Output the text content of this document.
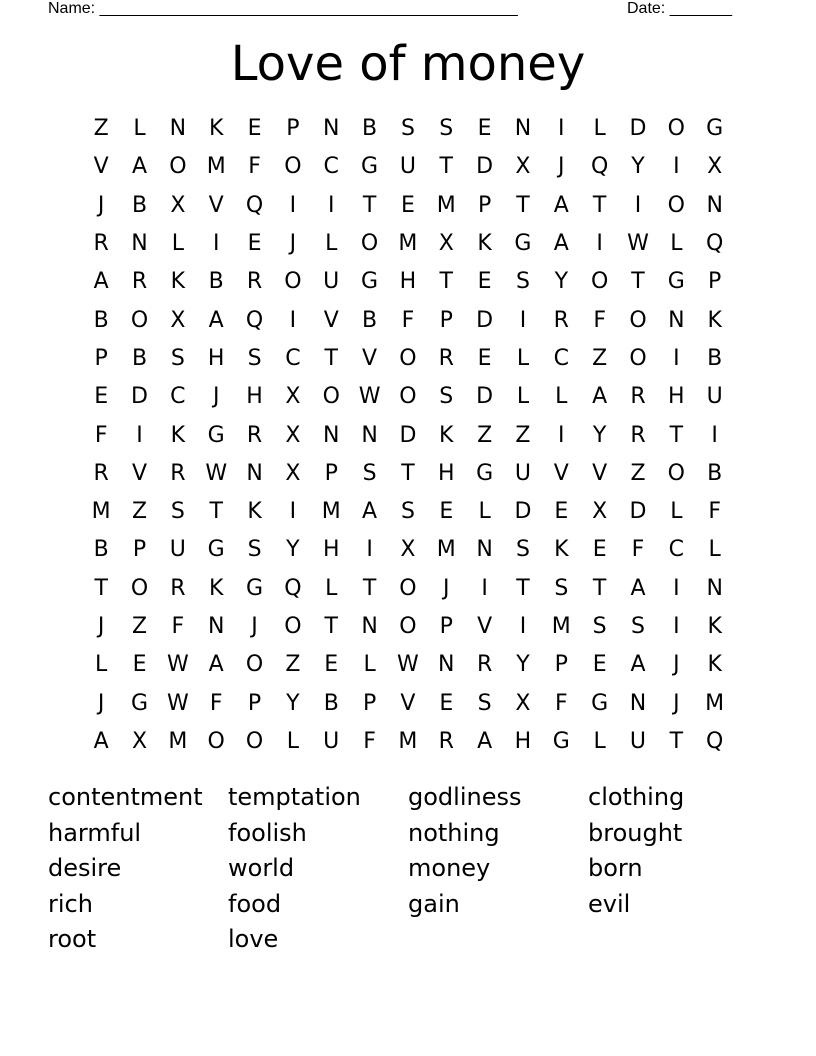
Name: _______________________________________________	Date: _______
Love of money
Z	L	N	K	E	P	N	B	S	S	E	N	I	L	D O G
V	A	O M	F	O	C	G U	T	D	X	J	Q	Y	I	X
J	B	X	V	Q	I	I	T	E M	P	T	A	T	I	O N
R	N	L	I	E	J	L	O M X	K	G	A	I	W L	Q
A	R	K	B	R	O U G H	T	E	S	Y	O	T	G	P
B	O	X	A	Q	I	V	B	F	P	D	I	R	F	O N	K
P	B	S	H	S	C	T	V	O	R	E	L	C	Z	O	I	B
E	D	C	J	H	X	O W O	S	D	L	L	A	R	H	U
F	I	K	G	R	X	N N D	K	Z	Z	I	Y	R	T	I
R	V	R W N	X	P	S	T	H G U	V	V	Z	O	B
M Z	S	T	K	I	M A	S	E	L	D	E	X	D	L	F
B	P	U G	S	Y	H	I	X M N	S	K	E	F	C	L
T	O	R	K	G Q	L	T	O	J	I	T	S	T	A	I	N
J	Z	F	N	J	O	T	N O	P	V	I	M S	S	I	K
L	E W A	O	Z	E	L W N	R	Y	P	E	A	J	K
J	G W F	P	Y	B	P	V	E	S	X	F	G N	J	M
A	X M O O	L	U	F	M R	A	H G	L	U	T	Q
contentment	temptation	godliness	clothing
harmful	foolish	nothing	brought
desire	world	money	born
rich	food	gain	evil
root	love
